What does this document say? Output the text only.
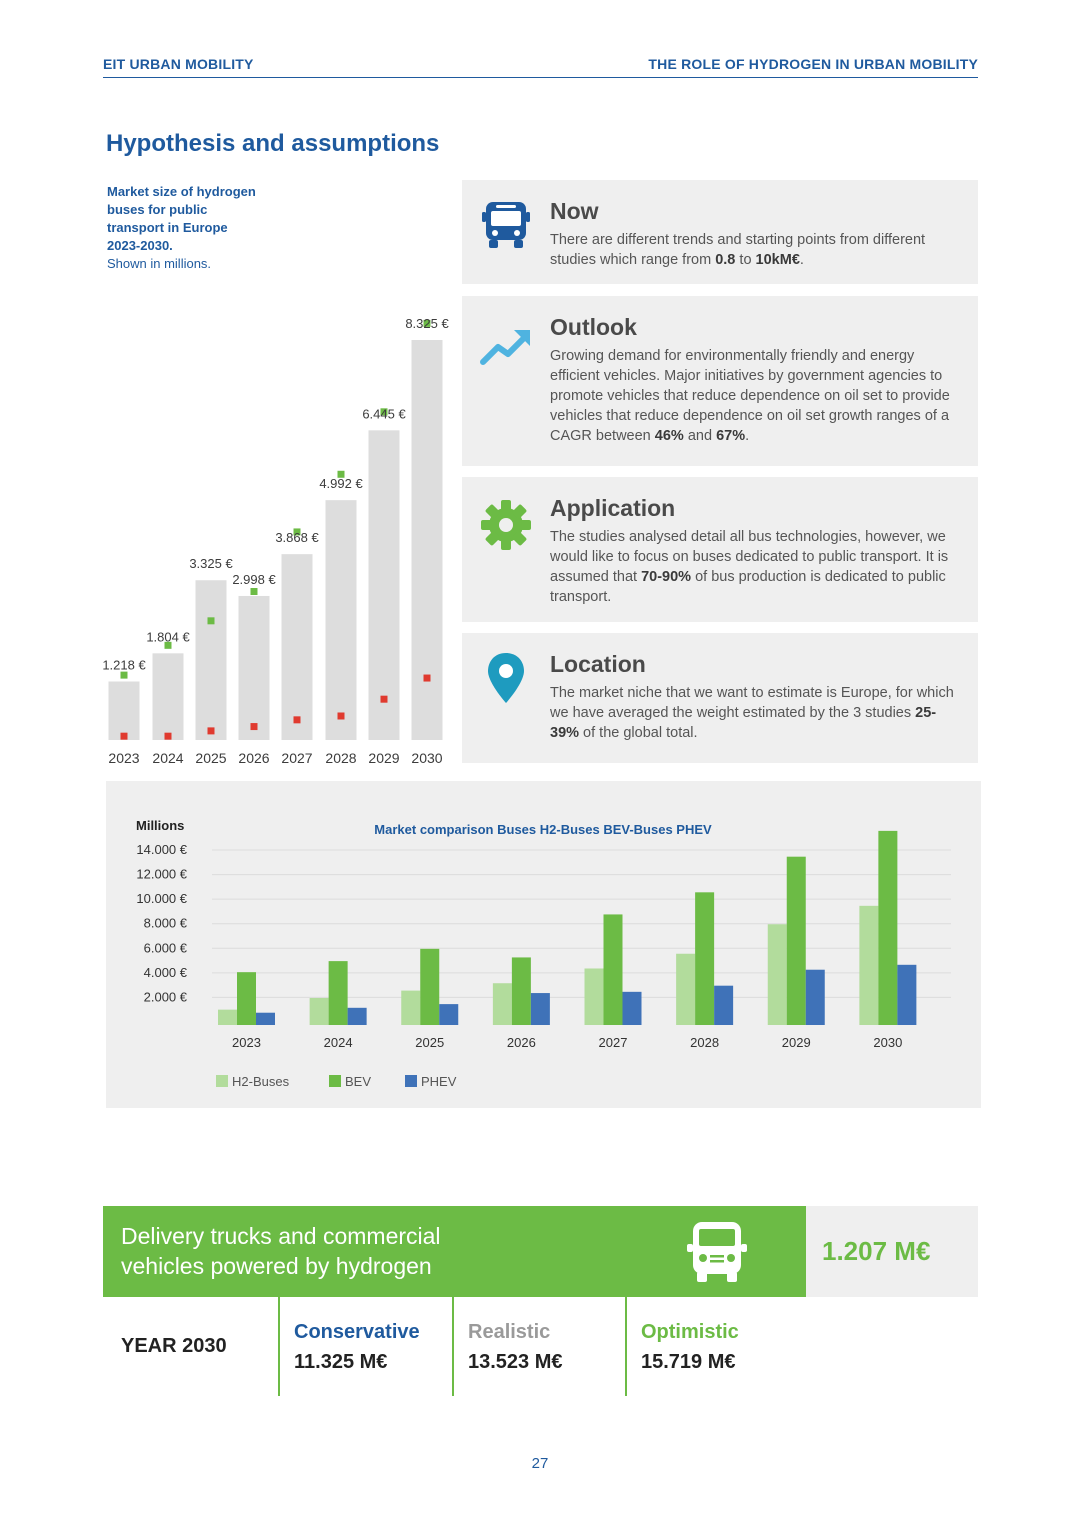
EIT URBAN MOBILITY	THE ROLE OF HYDROGEN IN URBAN MOBILITY
Hypothesis and assumptions
Market size of hydrogen buses for public transport in Europe 2023-2030.
Shown in millions.
1.218 €
2023
1.804 €
2024
3.325 €
2025
2.998 €
2026
3.868 €
2027
4.992 €
2028
6.445 €
2029
8.325 €
2030
Now
There are different trends and starting points from different studies which range from 0.8 to 10kM€.
Outlook
Growing demand for environmentally friendly and energy efficient vehicles. Major initiatives by government agencies to promote vehicles that reduce dependence on oil set to provide vehicles that reduce dependence on oil set growth ranges of a CAGR between 46% and 67%.
Application
The studies analysed detail all bus technologies, however, we would like to focus on buses dedicated to public transport. It is assumed that 70-90% of bus production is dedicated to public transport.
Location
The market niche that we want to estimate is Europe, for which we have averaged the weight estimated by the 3 studies 25-39% of the global total.
Millions	Market comparison Buses H2-Buses BEV-Buses PHEV
2.000 €
4.000 €
6.000 €
8.000 €
10.000 €
12.000 €
14.000 €
2023	2024	2025	2026	2027	2028	2029	2030
H2-Buses	BEV	PHEV
Delivery trucks and commercial
vehicles powered by hydrogen	1.207 M€
YEAR 2030
Conservative
11.325 M€
Realistic
13.523 M€
Optimistic
15.719 M€
27
